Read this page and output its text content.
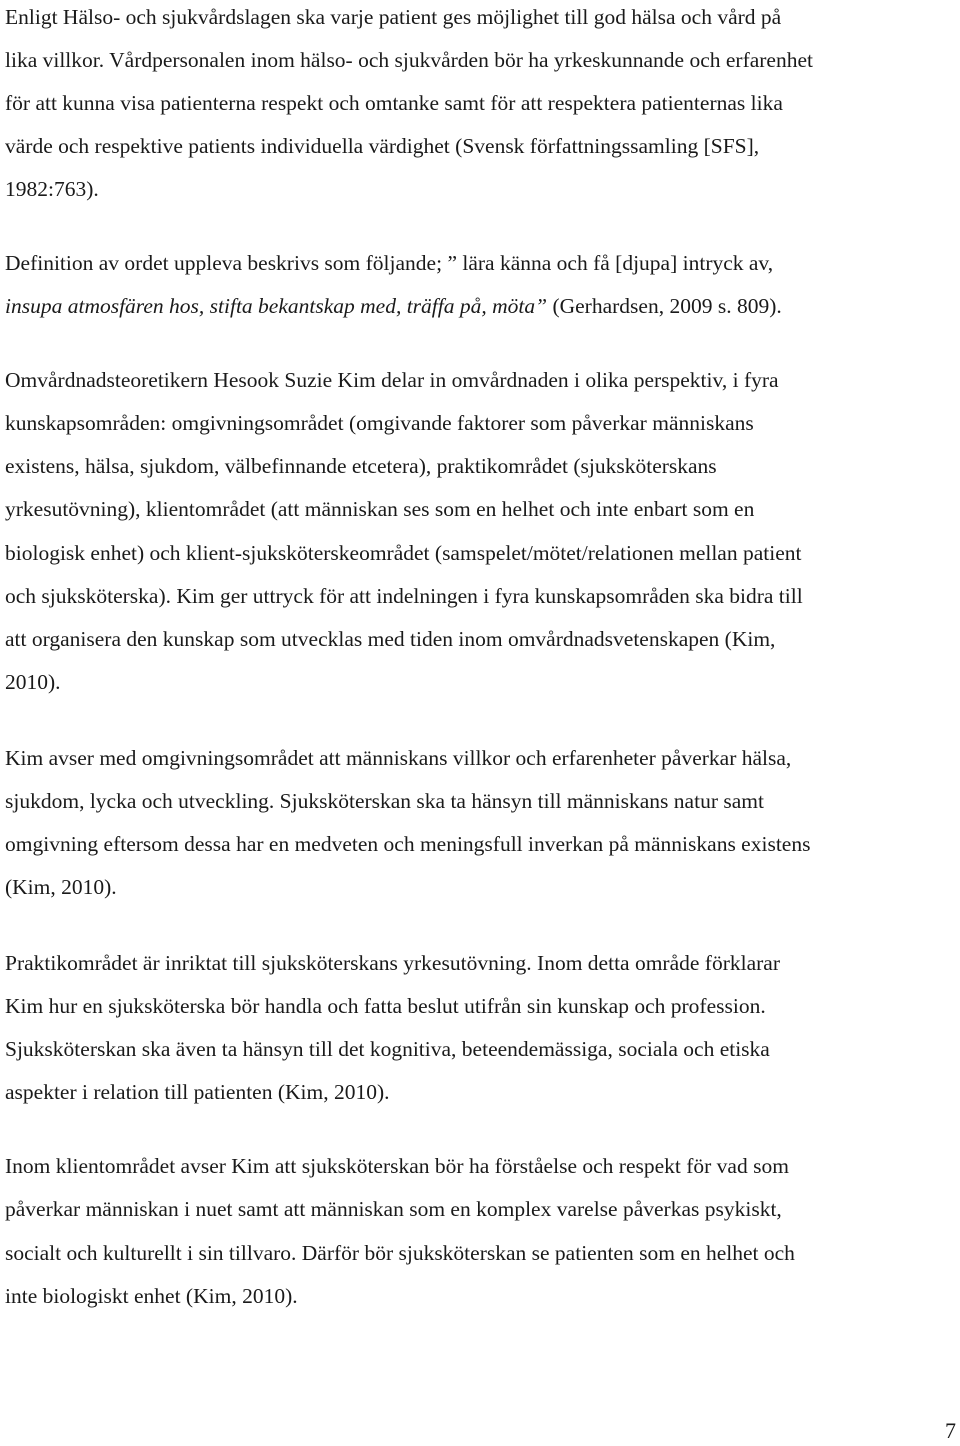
Enligt Hälso- och sjukvårdslagen ska varje patient ges möjlighet till god hälsa och vård på
lika villkor. Vårdpersonalen inom hälso- och sjukvården bör ha yrkeskunnande och erfarenhet
för att kunna visa patienterna respekt och omtanke samt för att respektera patienternas lika
värde och respektive patients individuella värdighet (Svensk författningssamling [SFS],
1982:763).
Definition av ordet uppleva beskrivs som följande; ” lära känna och få [djupa] intryck av,
insupa atmosfären hos, stifta bekantskap med, träffa på, möta” (Gerhardsen, 2009 s. 809).
Omvårdnadsteoretikern Hesook Suzie Kim delar in omvårdnaden i olika perspektiv, i fyra
kunskapsområden: omgivningsområdet (omgivande faktorer som påverkar människans
existens, hälsa, sjukdom, välbefinnande etcetera), praktikområdet (sjuksköterskans
yrkesutövning), klientområdet (att människan ses som en helhet och inte enbart som en
biologisk enhet) och klient-sjuksköterskeområdet (samspelet/mötet/relationen mellan patient
och sjuksköterska). Kim ger uttryck för att indelningen i fyra kunskapsområden ska bidra till
att organisera den kunskap som utvecklas med tiden inom omvårdnadsvetenskapen (Kim,
2010).
Kim avser med omgivningsområdet att människans villkor och erfarenheter påverkar hälsa,
sjukdom, lycka och utveckling. Sjuksköterskan ska ta hänsyn till människans natur samt
omgivning eftersom dessa har en medveten och meningsfull inverkan på människans existens
(Kim, 2010).
Praktikområdet är inriktat till sjuksköterskans yrkesutövning. Inom detta område förklarar
Kim hur en sjuksköterska bör handla och fatta beslut utifrån sin kunskap och profession.
Sjuksköterskan ska även ta hänsyn till det kognitiva, beteendemässiga, sociala och etiska
aspekter i relation till patienten (Kim, 2010).
Inom klientområdet avser Kim att sjuksköterskan bör ha förståelse och respekt för vad som
påverkar människan i nuet samt att människan som en komplex varelse påverkas psykiskt,
socialt och kulturellt i sin tillvaro. Därför bör sjuksköterskan se patienten som en helhet och
inte biologiskt enhet (Kim, 2010).
7
